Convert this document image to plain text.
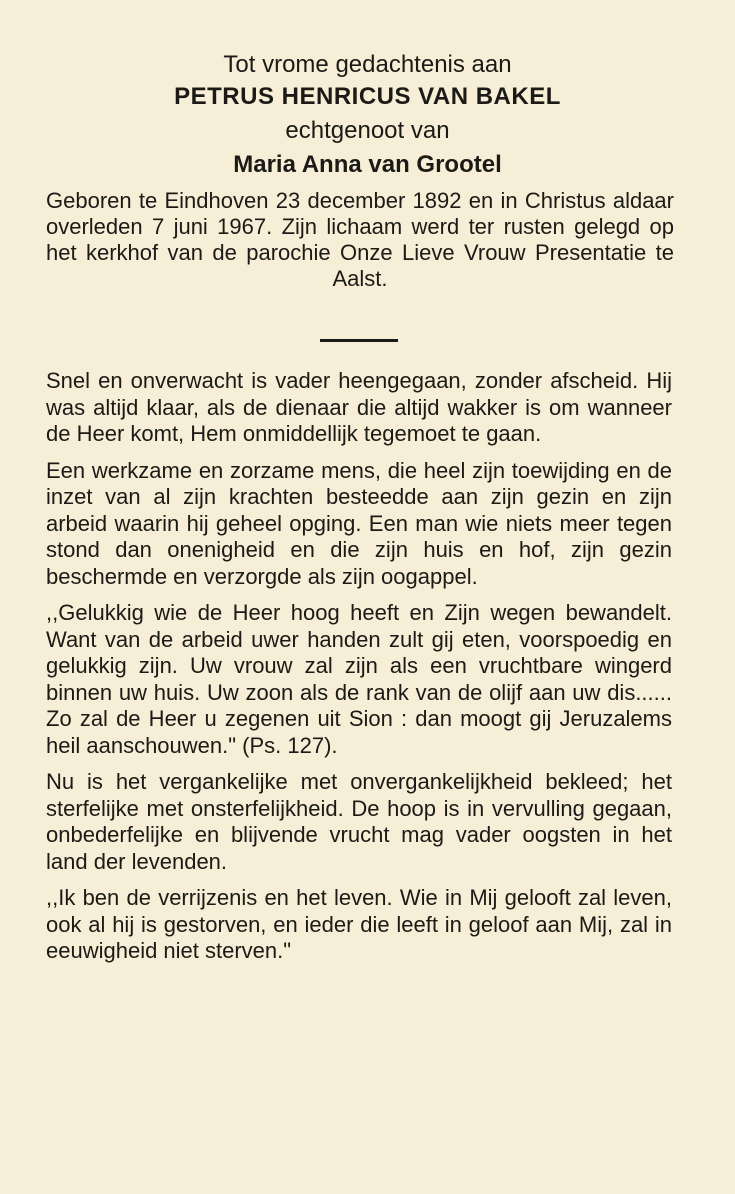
Tot vrome gedachtenis aan
PETRUS HENRICUS VAN BAKEL
echtgenoot van
Maria Anna van Grootel
Geboren te Eindhoven 23 december 1892 en in Christus aldaar overleden 7 juni 1967. Zijn lichaam werd ter rusten gelegd op het kerkhof van de parochie Onze Lieve Vrouw Presentatie te Aalst.

Snel en onverwacht is vader heengegaan, zonder afscheid. Hij was altijd klaar, als de dienaar die altijd wakker is om wanneer de Heer komt, Hem onmiddellijk tegemoet te gaan.

Een werkzame en zorzame mens, die heel zijn toewijding en de inzet van al zijn krachten besteedde aan zijn gezin en zijn arbeid waarin hij geheel opging. Een man wie niets meer tegen stond dan onenigheid en die zijn huis en hof, zijn gezin beschermde en verzorgde als zijn oogappel.

,,Gelukkig wie de Heer hoog heeft en Zijn wegen bewandelt. Want van de arbeid uwer handen zult gij eten, voorspoedig en gelukkig zijn. Uw vrouw zal zijn als een vruchtbare wingerd binnen uw huis. Uw zoon als de rank van de olijf aan uw dis...... Zo zal de Heer u zegenen uit Sion : dan moogt gij Jeruzalems heil aanschouwen." (Ps. 127).

Nu is het vergankelijke met onvergankelijkheid bekleed; het sterfelijke met onsterfelijkheid. De hoop is in vervulling gegaan, onbederfelijke en blijvende vrucht mag vader oogsten in het land der levenden.

,,Ik ben de verrijzenis en het leven. Wie in Mij gelooft zal leven, ook al hij is gestorven, en ieder die leeft in geloof aan Mij, zal in eeuwigheid niet sterven."
